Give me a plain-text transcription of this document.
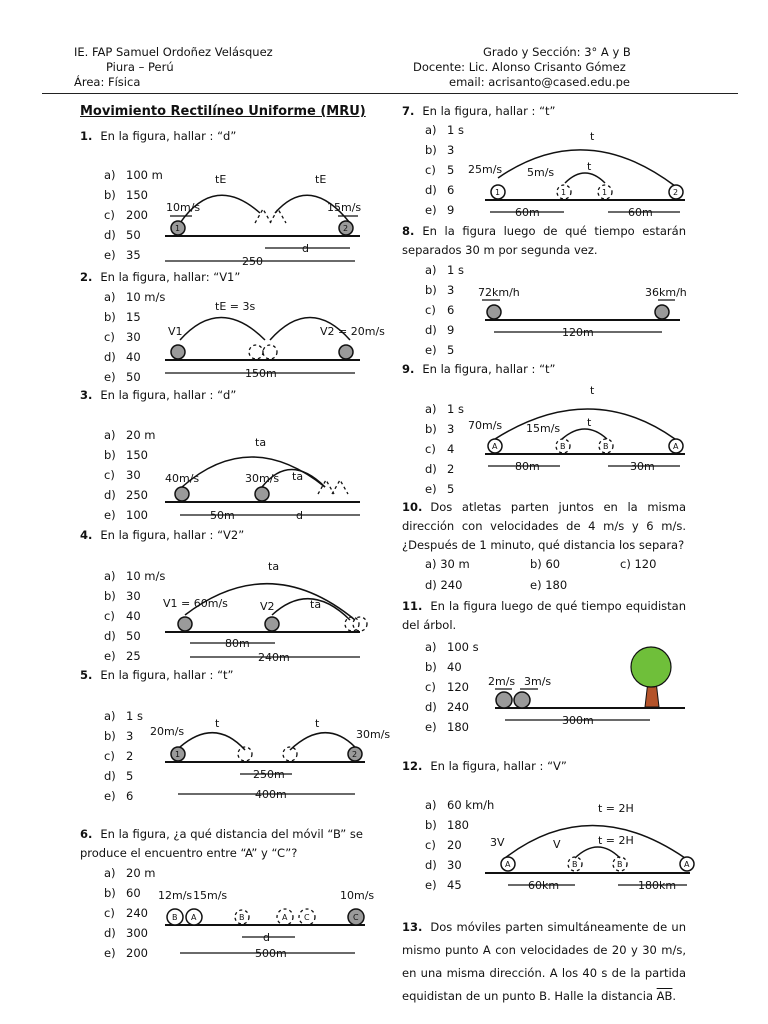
IE. FAP Samuel Ordoñez Velásquez
Piura – Perú
Área: Física
Grado y Sección: 3° A y B
Docente: Lic. Alonso Crisanto Gómez
email: acrisanto@cased.edu.pe
Movimiento Rectilíneo Uniforme (MRU)
1. En la figura, hallar : “d”
a) 100 m
b) 150
c) 200
d) 50
e) 35
tE	tE
10m/s	15m/s
1	2
d
250
2. En la figura, hallar: “V1”
a) 10 m/s
b) 15
c) 30
d) 40
e) 50
tE = 3s
V1	V2 = 20m/s
150m
3. En la figura, hallar : “d”
a) 20 m
b) 150
c) 30
d) 250
e) 100
ta
ta
40m/s	30m/s
50m	d
4. En la figura, hallar : “V2”
a) 10 m/s
b) 30
c) 40
d) 50
e) 25
ta
ta
V1 = 60m/s	V2
80m
240m
5. En la figura, hallar : “t”
a) 1 s
b) 3
c) 2
d) 5
e) 6
t	t
20m/s	30m/s
1	2
250m
400m
6. En la figura, ¿a qué distancia del móvil “B” se produce el encuentro entre “A” y “C”?
a) 20 m
b) 60
c) 240
d) 300
e) 200
12m/s 15m/s	10m/s
B A	C
B	A C
d
500m
7. En la figura, hallar : “t”
a) 1 s
b) 3
c) 5
d) 6
e) 9
t
t
25m/s 5m/s
1	2
1	1
60m	60m
8. En la figura luego de qué tiempo estarán separados 30 m por segunda vez.
a) 1 s
b) 3
c) 6
d) 9
e) 5
72km/h	36km/h
120m
9. En la figura, hallar : “t”
a) 1 s
b) 3
c) 4
d) 2
e) 5
t
t
70m/s 15m/s
A	A
B	B
80m	30m
10. Dos atletas parten juntos en la misma dirección con velocidades de 4 m/s y 6 m/s. ¿Después de 1 minuto, qué distancia los separa?
a) 30 m	b) 60	c) 120
d) 240	e) 180
11. En la figura luego de qué tiempo equidistan del árbol.
a) 100 s
b) 40
c) 120
d) 240
e) 180
2m/s 3m/s
300m
12. En la figura, hallar : “V”
a) 60 km/h
b) 180
c) 20
d) 30
e) 45
t = 2H
t = 2H
3V	V
A	A
B	B
60km	180km
13. Dos móviles parten simultáneamente de un mismo punto A con velocidades de 20 y 30 m/s, en una misma dirección. A los 40 s de la partida equidistan de un punto B. Halle la distancia $\overline{AB}$.
